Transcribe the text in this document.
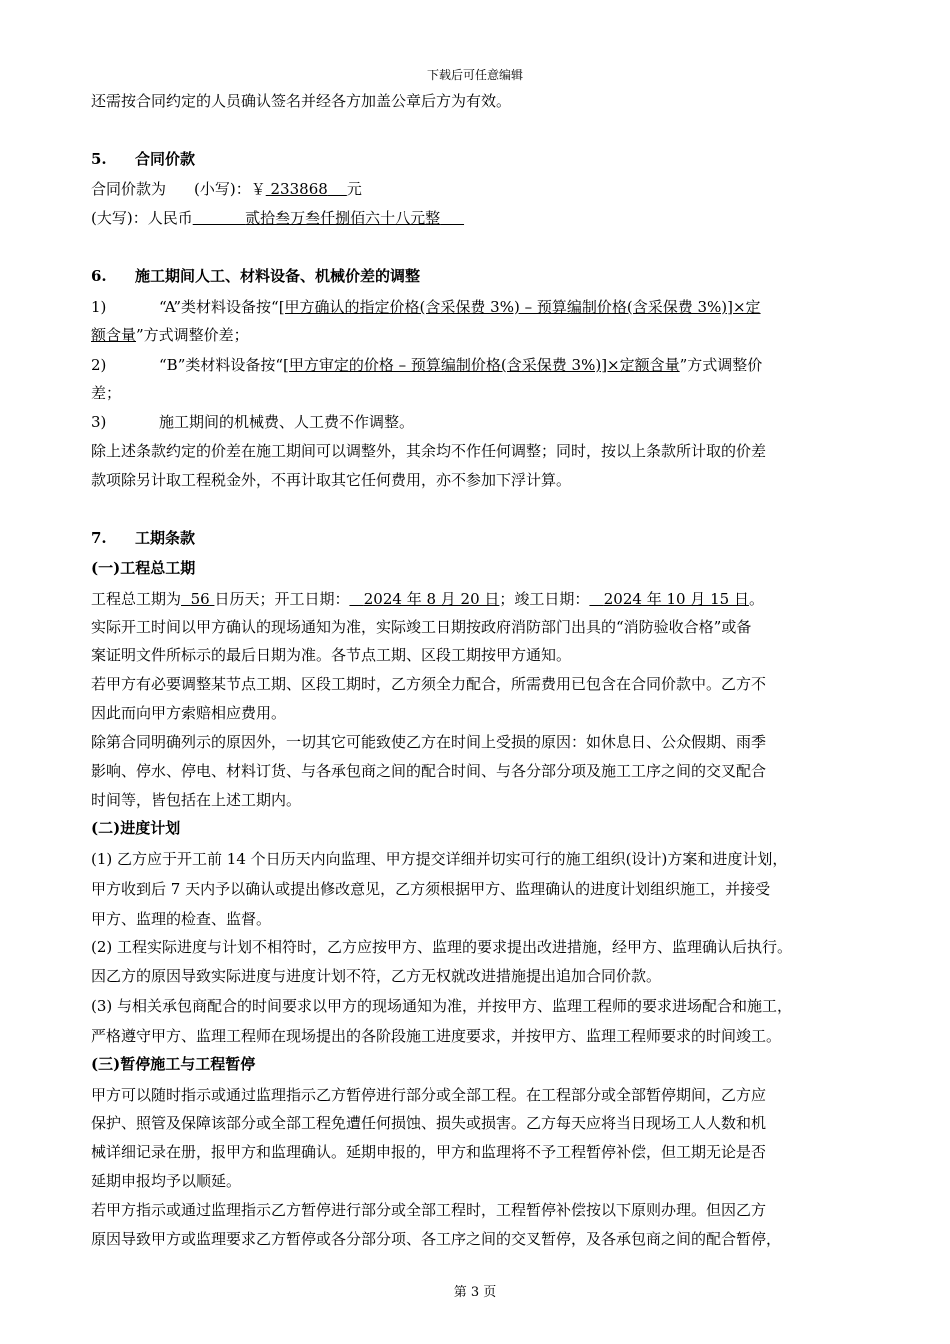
下载后可任意编辑
还需按合同约定的人员确认签名并经各方加盖公章后方为有效。
5. 合同价款
合同价款为 (小写)：￥ 233868 元
(大写)：人民币	贰拾叁万叁仟捌佰六十八元整
6. 施工期间人工、材料设备、机械价差的调整
1)	“A”类材料设备按“[甲方确认的指定价格(含采保费 3%) – 预算编制价格(含采保费 3%)]×定
额含量”方式调整价差；
2)	“B”类材料设备按“[甲方审定的价格 – 预算编制价格(含采保费 3%)]×定额含量”方式调整价
差；
3)	施工期间的机械费、人工费不作调整。
除上述条款约定的价差在施工期间可以调整外，其余均不作任何调整；同时，按以上条款所计取的价差
款项除另计取工程税金外，不再计取其它任何费用，亦不参加下浮计算。
7. 工期条款
(一)工程总工期
工程总工期为 56 日历天；开工日期： 2024 年 8 月 20 日；竣工日期： 2024 年 10 月 15 日。
实际开工时间以甲方确认的现场通知为准，实际竣工日期按政府消防部门出具的“消防验收合格”或备
案证明文件所标示的最后日期为准。各节点工期、区段工期按甲方通知。
若甲方有必要调整某节点工期、区段工期时，乙方须全力配合，所需费用已包含在合同价款中。乙方不
因此而向甲方索赔相应费用。
除第合同明确列示的原因外，一切其它可能致使乙方在时间上受损的原因：如休息日、公众假期、雨季
影响、停水、停电、材料订货、与各承包商之间的配合时间、与各分部分项及施工工序之间的交叉配合
时间等，皆包括在上述工期内。
(二)进度计划
(1) 乙方应于开工前 14 个日历天内向监理、甲方提交详细并切实可行的施工组织(设计)方案和进度计划，
甲方收到后 7 天内予以确认或提出修改意见，乙方须根据甲方、监理确认的进度计划组织施工，并接受
甲方、监理的检查、监督。
(2) 工程实际进度与计划不相符时，乙方应按甲方、监理的要求提出改进措施，经甲方、监理确认后执行。
因乙方的原因导致实际进度与进度计划不符，乙方无权就改进措施提出追加合同价款。
(3) 与相关承包商配合的时间要求以甲方的现场通知为准，并按甲方、监理工程师的要求进场配合和施工，
严格遵守甲方、监理工程师在现场提出的各阶段施工进度要求，并按甲方、监理工程师要求的时间竣工。
(三)暂停施工与工程暂停
甲方可以随时指示或通过监理指示乙方暂停进行部分或全部工程。在工程部分或全部暂停期间，乙方应
保护、照管及保障该部分或全部工程免遭任何损蚀、损失或损害。乙方每天应将当日现场工人人数和机
械详细记录在册，报甲方和监理确认。延期申报的，甲方和监理将不予工程暂停补偿，但工期无论是否
延期申报均予以顺延。
若甲方指示或通过监理指示乙方暂停进行部分或全部工程时，工程暂停补偿按以下原则办理。但因乙方
原因导致甲方或监理要求乙方暂停或各分部分项、各工序之间的交叉暂停，及各承包商之间的配合暂停，
第 3 页
